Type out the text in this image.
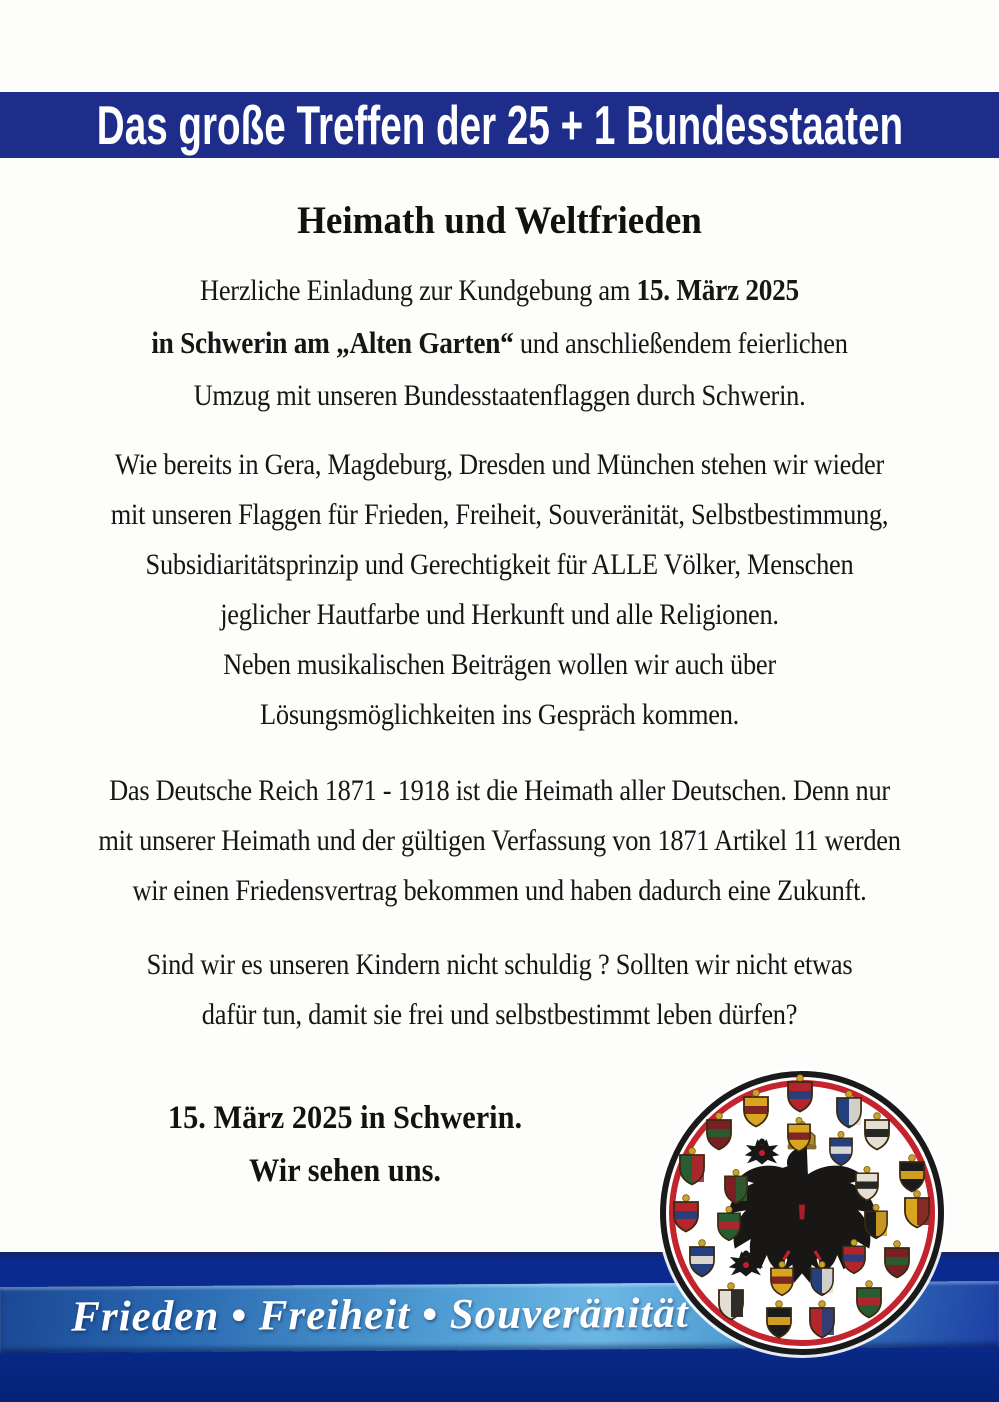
Das große Treffen der 25 + 1 Bundesstaaten
Heimath und Weltfrieden
Herzliche Einladung zur Kundgebung am 15. März 2025
in Schwerin am „Alten Garten“ und anschließendem feierlichen
Umzug mit unseren Bundesstaatenflaggen durch Schwerin.
Wie bereits in Gera, Magdeburg, Dresden und München stehen wir wieder
mit unseren Flaggen für Frieden, Freiheit, Souveränität, Selbstbestimmung,
Subsidiaritätsprinzip und Gerechtigkeit für ALLE Völker, Menschen
jeglicher Hautfarbe und Herkunft und alle Religionen.
Neben musikalischen Beiträgen wollen wir auch über
Lösungsmöglichkeiten ins Gespräch kommen.
Das Deutsche Reich 1871 - 1918 ist die Heimath aller Deutschen. Denn nur
mit unserer Heimath und der gültigen Verfassung von 1871 Artikel 11 werden
wir einen Friedensvertrag bekommen und haben dadurch eine Zukunft.
Sind wir es unseren Kindern nicht schuldig ? Sollten wir nicht etwas
dafür tun, damit sie frei und selbstbestimmt leben dürfen?
15. März 2025 in Schwerin.
Wir sehen uns.
Frieden • Freiheit • Souveränität
